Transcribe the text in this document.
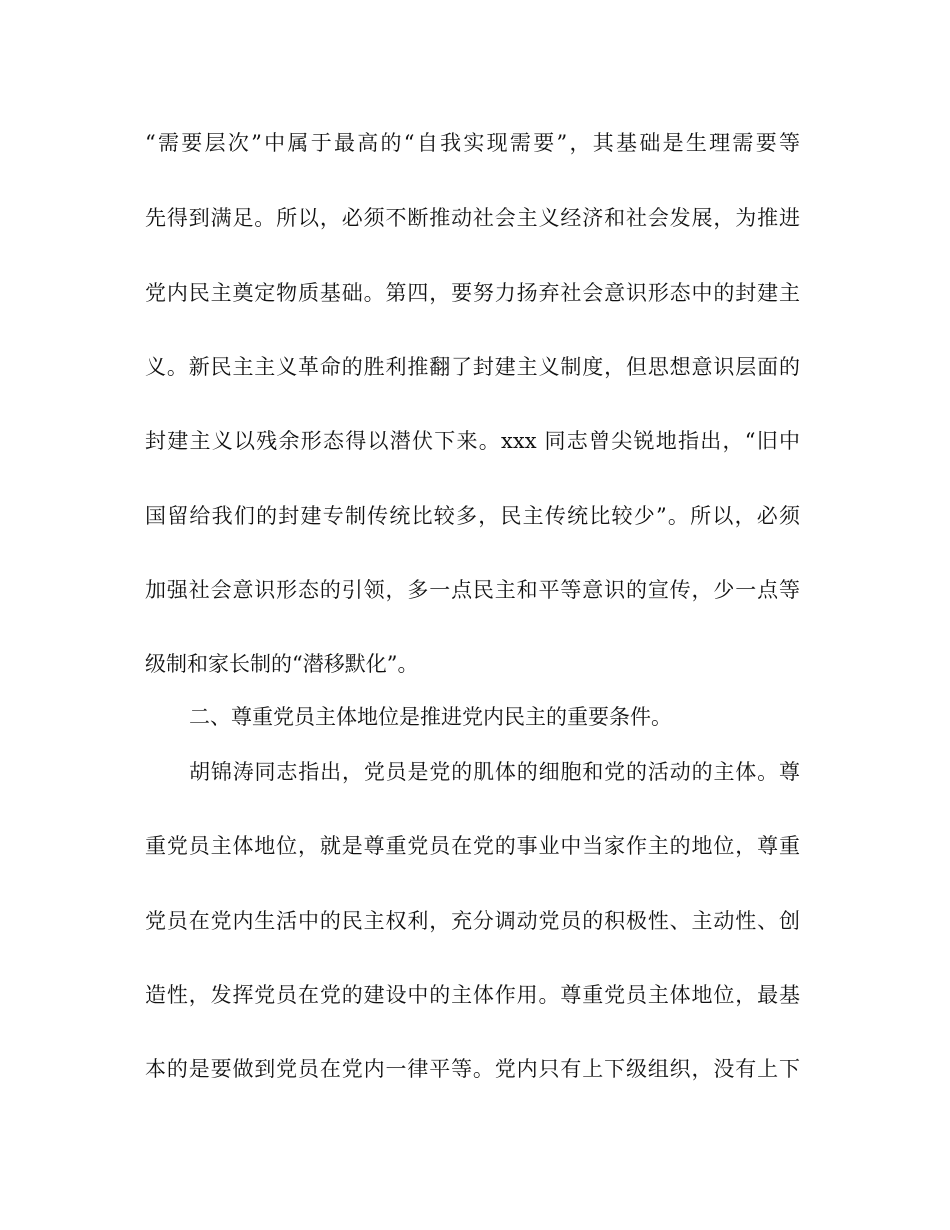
“需要层次”中属于最高的“自我实现需要”，其基础是生理需要等
先得到满足。所以，必须不断推动社会主义经济和社会发展，为推进
党内民主奠定物质基础。第四，要努力扬弃社会意识形态中的封建主
义。新民主主义革命的胜利推翻了封建主义制度，但思想意识层面的
封建主义以残余形态得以潜伏下来。xxx 同志曾尖锐地指出，“旧中
国留给我们的封建专制传统比较多，民主传统比较少”。所以，必须
加强社会意识形态的引领，多一点民主和平等意识的宣传，少一点等
级制和家长制的“潜移默化”。
二、尊重党员主体地位是推进党内民主的重要条件。
胡锦涛同志指出，党员是党的肌体的细胞和党的活动的主体。尊
重党员主体地位，就是尊重党员在党的事业中当家作主的地位，尊重
党员在党内生活中的民主权利，充分调动党员的积极性、主动性、创
造性，发挥党员在党的建设中的主体作用。尊重党员主体地位，最基
本的是要做到党员在党内一律平等。党内只有上下级组织，没有上下
